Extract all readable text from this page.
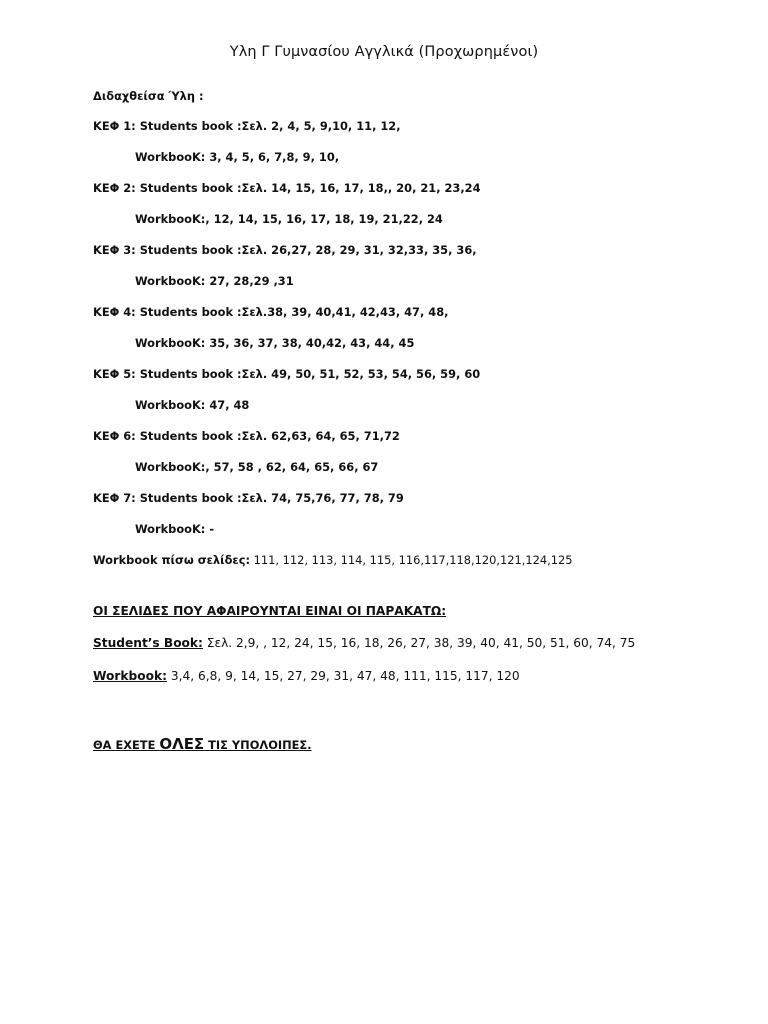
Υλη Γ Γυμνασίου Αγγλικά (Προχωρημένοι)
Διδαχθείσα Ύλη :
ΚΕΦ 1: Students book :Σελ. 2, 4, 5, 9,10, 11, 12,
WorkbooK: 3, 4, 5, 6, 7,8, 9, 10,
ΚΕΦ 2: Students book :Σελ. 14, 15, 16, 17, 18,, 20, 21, 23,24
WorkbooK:, 12, 14, 15, 16, 17, 18, 19, 21,22, 24
ΚΕΦ 3: Students book :Σελ. 26,27, 28, 29, 31, 32,33, 35, 36,
WorkbooK: 27, 28,29 ,31
ΚΕΦ 4: Students book :Σελ.38, 39, 40,41, 42,43, 47, 48,
WorkbooK: 35, 36, 37, 38, 40,42, 43, 44, 45
ΚΕΦ 5: Students book :Σελ. 49, 50, 51, 52, 53, 54, 56, 59, 60
WorkbooK: 47, 48
ΚΕΦ 6: Students book :Σελ. 62,63, 64, 65, 71,72
WorkbooK:, 57, 58 , 62, 64, 65, 66, 67
ΚΕΦ 7: Students book :Σελ. 74, 75,76, 77, 78, 79
WorkbooK: -
Workbook πίσω σελίδες: 111, 112, 113, 114, 115, 116,117,118,120,121,124,125
ΟΙ ΣΕΛΙΔΕΣ ΠΟΥ ΑΦΑΙΡΟΥΝΤΑΙ ΕΙΝΑΙ ΟΙ ΠΑΡΑΚΑΤΩ:
Student’s Book: Σελ. 2,9, , 12, 24, 15, 16, 18, 26, 27, 38, 39, 40, 41, 50, 51, 60, 74, 75
Workbook: 3,4, 6,8, 9, 14, 15, 27, 29, 31, 47, 48, 111, 115, 117, 120
ΘΑ ΕΧΕΤΕ ΟΛΕΣ ΤΙΣ ΥΠΟΛΟΙΠΕΣ.
